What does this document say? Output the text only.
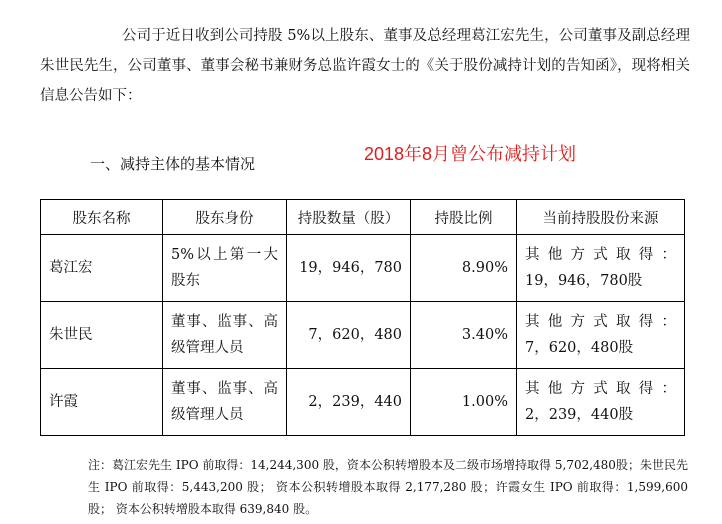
公司于近日收到公司持股 5%以上股东、董事及总经理葛江宏先生，公司董事及副总经理朱世民先生，公司董事、董事会秘书兼财务总监许霞女士的《关于股份减持计划的告知函》，现将相关信息公告如下：

一、减持主体的基本情况	2018年8月曾公布减持计划
股东名称	股东身份	持股数量（股）	持股比例	当前持股股份来源
葛江宏	5%以上第一大股东	19，946，780	8.90%	其他方式取得：
19，946，780股

朱世民	董事、监事、高级管理人员	7，620，480	3.40%	其他方式取得：
7，620，480股

许霞	董事、监事、高级管理人员	2，239，440	1.00%	其他方式取得：
2，239，440股

注：葛江宏先生 IPO 前取得：14,244,300 股，资本公积转增股本及二级市场增持取得 5,702,480股；朱世民先生 IPO 前取得：5,443,200 股； 资本公积转增股本取得 2,177,280 股；许霞女生 IPO 前取得：1,599,600 股； 资本公积转增股本取得 639,840 股。
